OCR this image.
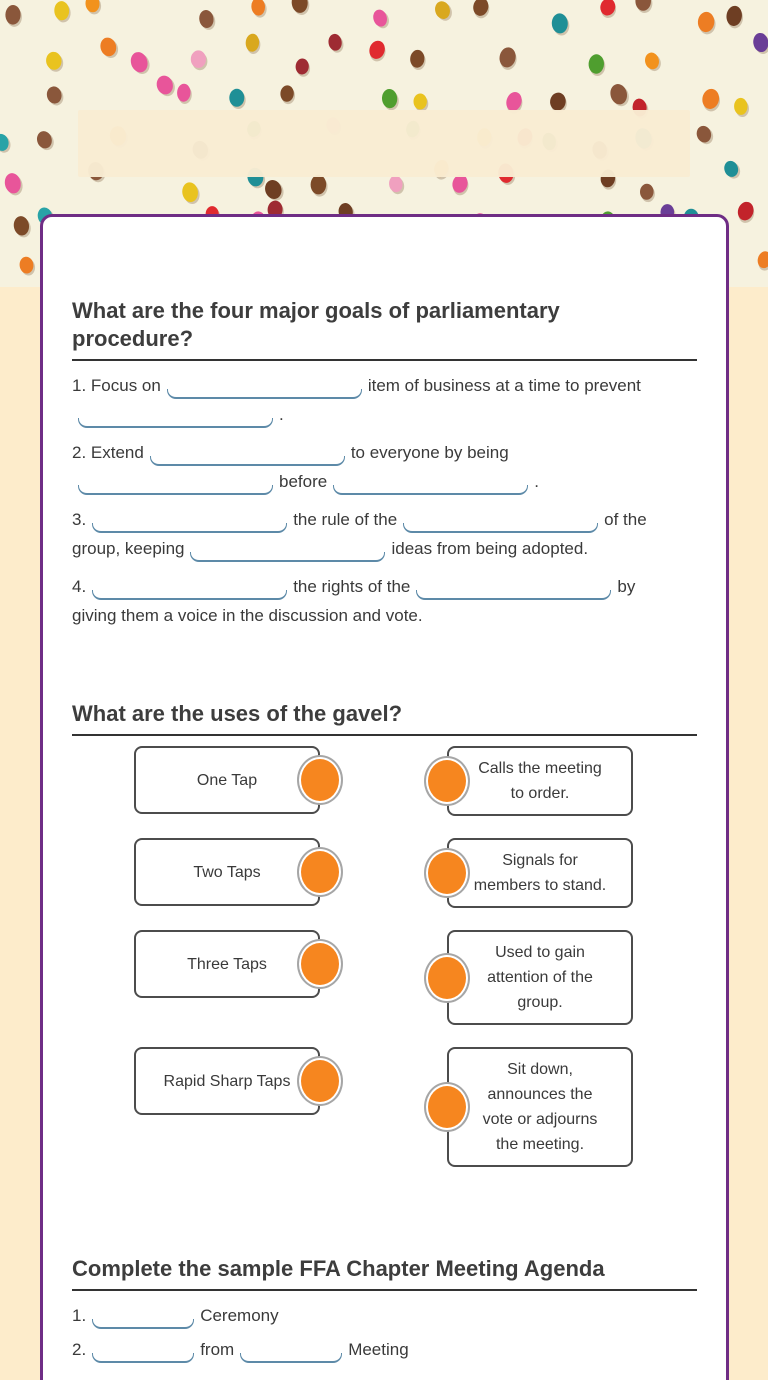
What are the four major goals of parliamentary procedure?
1. Focus on	item of business at a time to prevent
.
2. Extend	to everyone by being
before	.
3.	the rule of the	of the
group, keeping	ideas from being adopted.
4.	the rights of the	by
giving them a voice in the discussion and vote.
What are the uses of the gavel?
One Tap
Calls the meeting to order.
Two Taps
Signals for members to stand.
Three Taps
Used to gain attention of the group.
Rapid Sharp Taps
Sit down, announces the vote or adjourns the meeting.
Complete the sample FFA Chapter Meeting Agenda
1.	Ceremony
2.	from	Meeting
